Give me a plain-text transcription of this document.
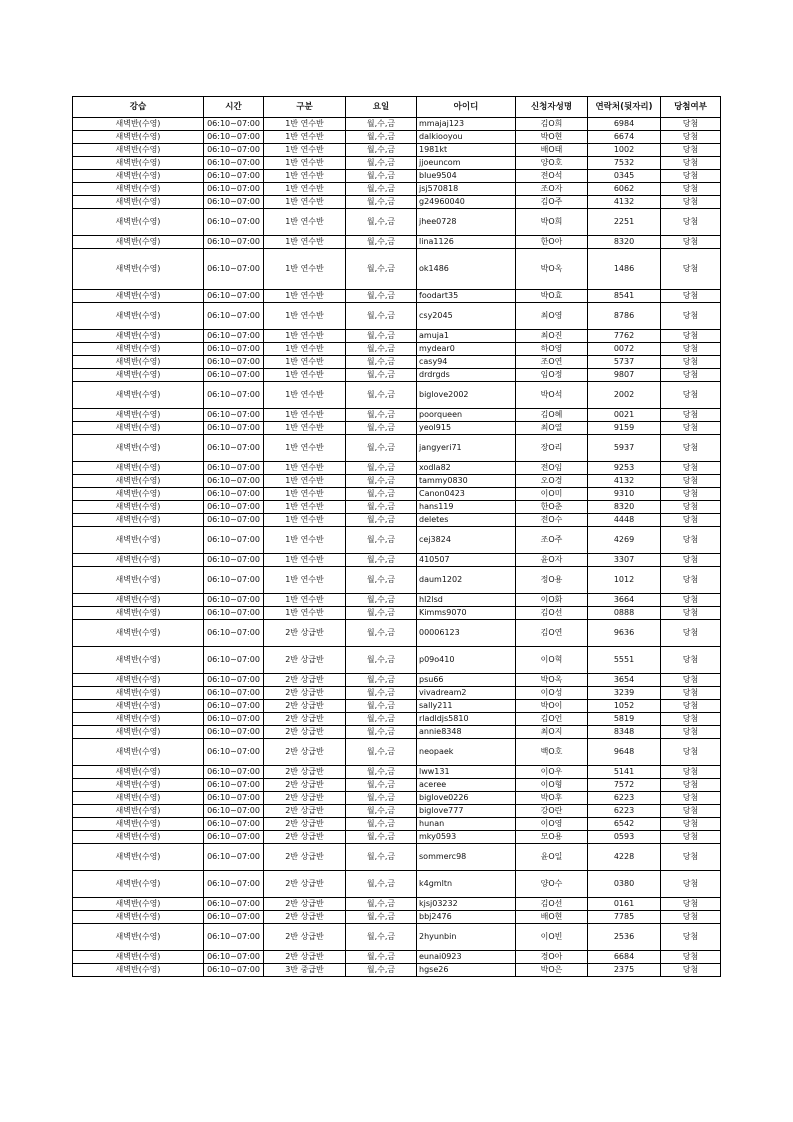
강습	시간	구분	요일	아이디	신청자성명	연락처(뒷자리)	당첨여부
새벽반(수영)	06:10~07:00	1반 연수반	월,수,금	mmajaj123	김O희	6984	당첨
새벽반(수영)	06:10~07:00	1반 연수반	월,수,금	dalkiooyou	박O현	6674	당첨
새벽반(수영)	06:10~07:00	1반 연수반	월,수,금	1981kt	배O태	1002	당첨
새벽반(수영)	06:10~07:00	1반 연수반	월,수,금	jjoeuncom	양O호	7532	당첨
새벽반(수영)	06:10~07:00	1반 연수반	월,수,금	blue9504	전O석	0345	당첨
새벽반(수영)	06:10~07:00	1반 연수반	월,수,금	jsj570818	조O자	6062	당첨
새벽반(수영)	06:10~07:00	1반 연수반	월,수,금	g24960040	김O주	4132	당첨
새벽반(수영)	06:10~07:00	1반 연수반	월,수,금	jhee0728	박O희	2251	당첨
새벽반(수영)	06:10~07:00	1반 연수반	월,수,금	lina1126	한O아	8320	당첨
새벽반(수영)	06:10~07:00	1반 연수반	월,수,금	ok1486	박O옥	1486	당첨
새벽반(수영)	06:10~07:00	1반 연수반	월,수,금	foodart35	박O효	8541	당첨
새벽반(수영)	06:10~07:00	1반 연수반	월,수,금	csy2045	최O영	8786	당첨
새벽반(수영)	06:10~07:00	1반 연수반	월,수,금	amuja1	최O진	7762	당첨
새벽반(수영)	06:10~07:00	1반 연수반	월,수,금	mydear0	하O영	0072	당첨
새벽반(수영)	06:10~07:00	1반 연수반	월,수,금	casy94	조O연	5737	당첨
새벽반(수영)	06:10~07:00	1반 연수반	월,수,금	drdrgds	임O정	9807	당첨
새벽반(수영)	06:10~07:00	1반 연수반	월,수,금	biglove2002	박O석	2002	당첨
새벽반(수영)	06:10~07:00	1반 연수반	월,수,금	poorqueen	김O혜	0021	당첨
새벽반(수영)	06:10~07:00	1반 연수반	월,수,금	yeol915	최O열	9159	당첨
새벽반(수영)	06:10~07:00	1반 연수반	월,수,금	jangyeri71	장O리	5937	당첨
새벽반(수영)	06:10~07:00	1반 연수반	월,수,금	xodla82	전O임	9253	당첨
새벽반(수영)	06:10~07:00	1반 연수반	월,수,금	tammy0830	오O경	4132	당첨
새벽반(수영)	06:10~07:00	1반 연수반	월,수,금	Canon0423	이O미	9310	당첨
새벽반(수영)	06:10~07:00	1반 연수반	월,수,금	hans119	한O춘	8320	당첨
새벽반(수영)	06:10~07:00	1반 연수반	월,수,금	deletes	전O수	4448	당첨
새벽반(수영)	06:10~07:00	1반 연수반	월,수,금	cej3824	조O주	4269	당첨
새벽반(수영)	06:10~07:00	1반 연수반	월,수,금	410507	윤O자	3307	당첨
새벽반(수영)	06:10~07:00	1반 연수반	월,수,금	daum1202	정O용	1012	당첨
새벽반(수영)	06:10~07:00	1반 연수반	월,수,금	hl2lsd	이O화	3664	당첨
새벽반(수영)	06:10~07:00	1반 연수반	월,수,금	Kimms9070	김O선	0888	당첨
새벽반(수영)	06:10~07:00	2반 상급반	월,수,금	00006123	김O연	9636	당첨
새벽반(수영)	06:10~07:00	2반 상급반	월,수,금	p09o410	이O혁	5551	당첨
새벽반(수영)	06:10~07:00	2반 상급반	월,수,금	psu66	박O옥	3654	당첨
새벽반(수영)	06:10~07:00	2반 상급반	월,수,금	vivadream2	이O성	3239	당첨
새벽반(수영)	06:10~07:00	2반 상급반	월,수,금	sally211	박O이	1052	당첨
새벽반(수영)	06:10~07:00	2반 상급반	월,수,금	rladldjs5810	김O언	5819	당첨
새벽반(수영)	06:10~07:00	2반 상급반	월,수,금	annie8348	최O지	8348	당첨
새벽반(수영)	06:10~07:00	2반 상급반	월,수,금	neopaek	백O호	9648	당첨
새벽반(수영)	06:10~07:00	2반 상급반	월,수,금	lww131	이O우	5141	당첨
새벽반(수영)	06:10~07:00	2반 상급반	월,수,금	aceree	이O형	7572	당첨
새벽반(수영)	06:10~07:00	2반 상급반	월,수,금	biglove0226	박O후	6223	당첨
새벽반(수영)	06:10~07:00	2반 상급반	월,수,금	biglove777	강O란	6223	당첨
새벽반(수영)	06:10~07:00	2반 상급반	월,수,금	hunan	이O영	6542	당첨
새벽반(수영)	06:10~07:00	2반 상급반	월,수,금	mky0593	모O용	0593	당첨
새벽반(수영)	06:10~07:00	2반 상급반	월,수,금	sommerc98	윤O일	4228	당첨
새벽반(수영)	06:10~07:00	2반 상급반	월,수,금	k4gmltn	양O수	0380	당첨
새벽반(수영)	06:10~07:00	2반 상급반	월,수,금	kjsj03232	김O선	0161	당첨
새벽반(수영)	06:10~07:00	2반 상급반	월,수,금	bbj2476	배O현	7785	당첨
새벽반(수영)	06:10~07:00	2반 상급반	월,수,금	2hyunbin	이O빈	2536	당첨
새벽반(수영)	06:10~07:00	2반 상급반	월,수,금	eunai0923	경O아	6684	당첨
새벽반(수영)	06:10~07:00	3반 중급반	월,수,금	hgse26	박O은	2375	당첨
